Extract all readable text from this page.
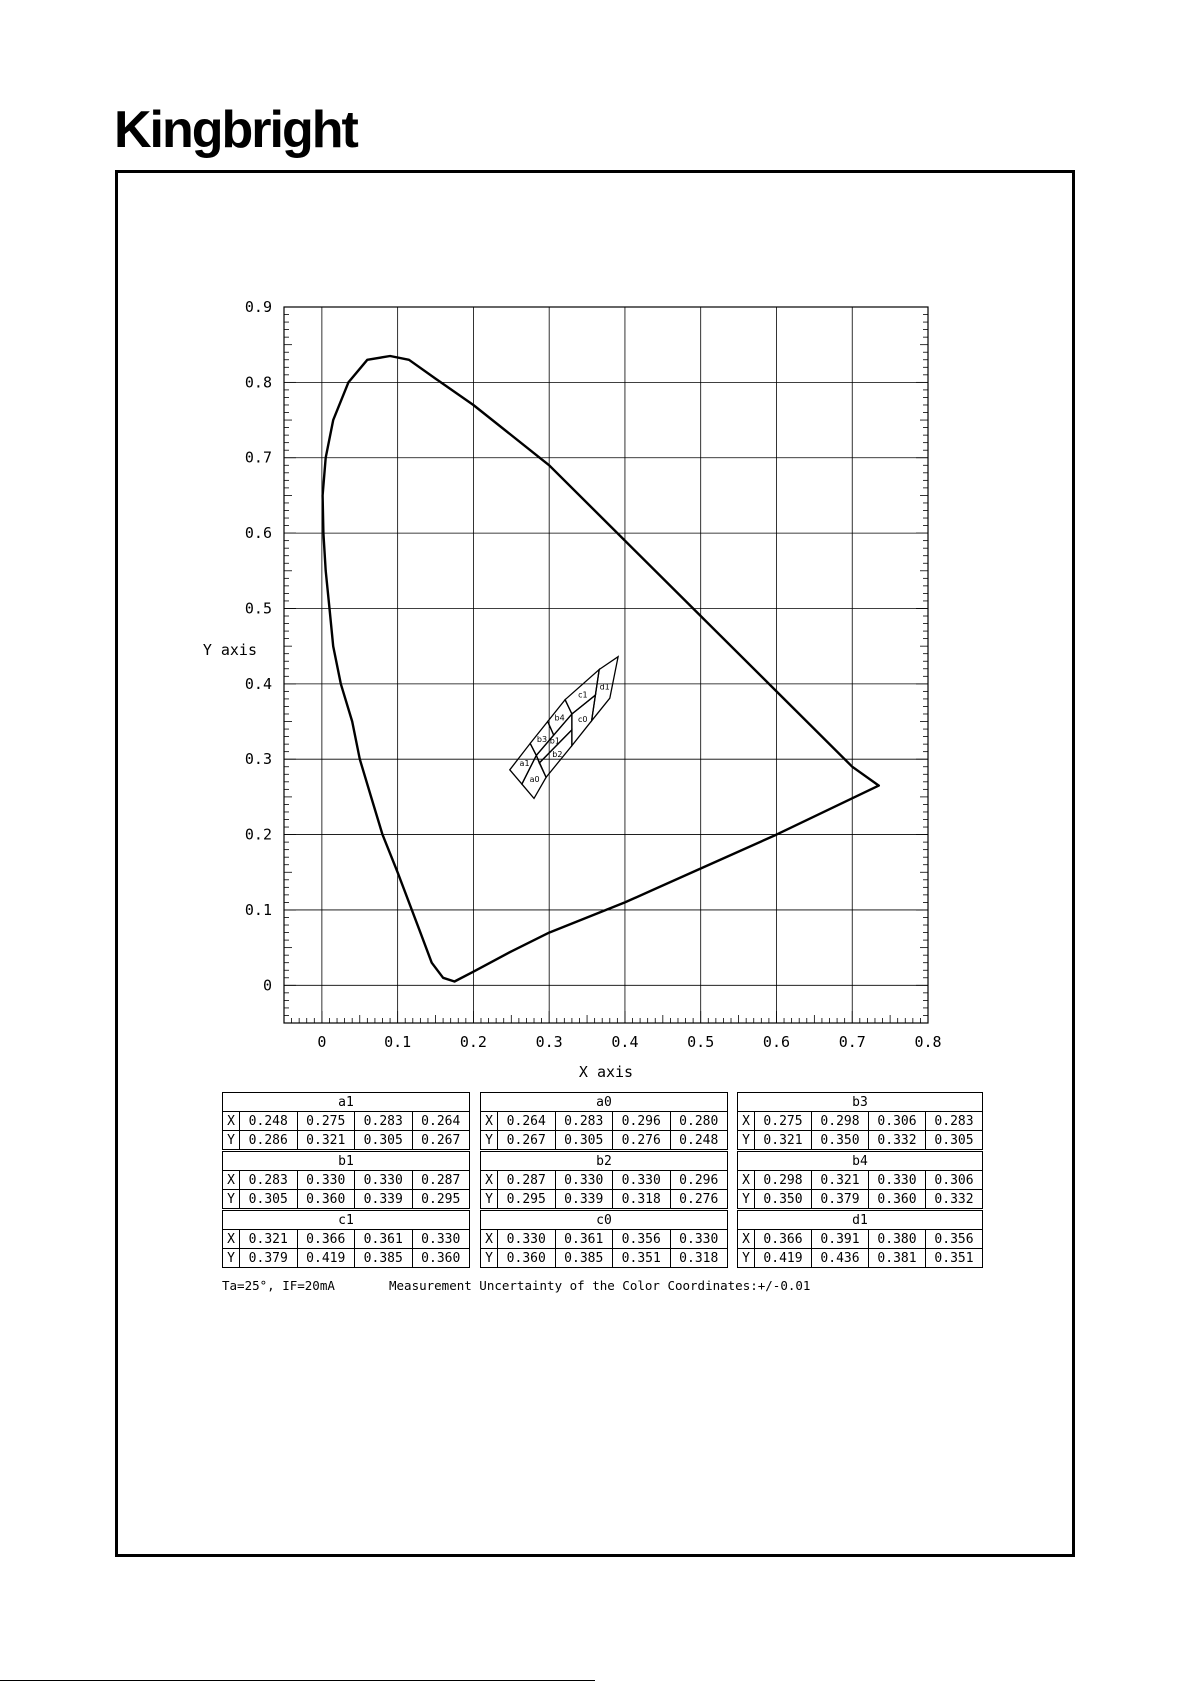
Kingbright
0	0.1	0.2	0.3	0.4	0.5	0.6	0.7	0.8
0
0.1
0.2
0.3
0.4
0.5
0.6
0.7
0.8
0.9
X axis
Y axis
a1
a0
b3 b1
b2
b4
c1
c0
d1
a1				
X	0.248	0.275	0.283	0.264
Y	0.286	0.321	0.305	0.267
a0				
X	0.264	0.283	0.296	0.280
Y	0.267	0.305	0.276	0.248
b3				
X	0.275	0.298	0.306	0.283
Y	0.321	0.350	0.332	0.305
b1				
X	0.283	0.330	0.330	0.287
Y	0.305	0.360	0.339	0.295
b2				
X	0.287	0.330	0.330	0.296
Y	0.295	0.339	0.318	0.276
b4				
X	0.298	0.321	0.330	0.306
Y	0.350	0.379	0.360	0.332
c1				
X	0.321	0.366	0.361	0.330
Y	0.379	0.419	0.385	0.360
c0				
X	0.330	0.361	0.356	0.330
Y	0.360	0.385	0.351	0.318
d1				
X	0.366	0.391	0.380	0.356
Y	0.419	0.436	0.381	0.351
Ta=25°, IF=20mA	Measurement Uncertainty of the Color Coordinates:+/-0.01
